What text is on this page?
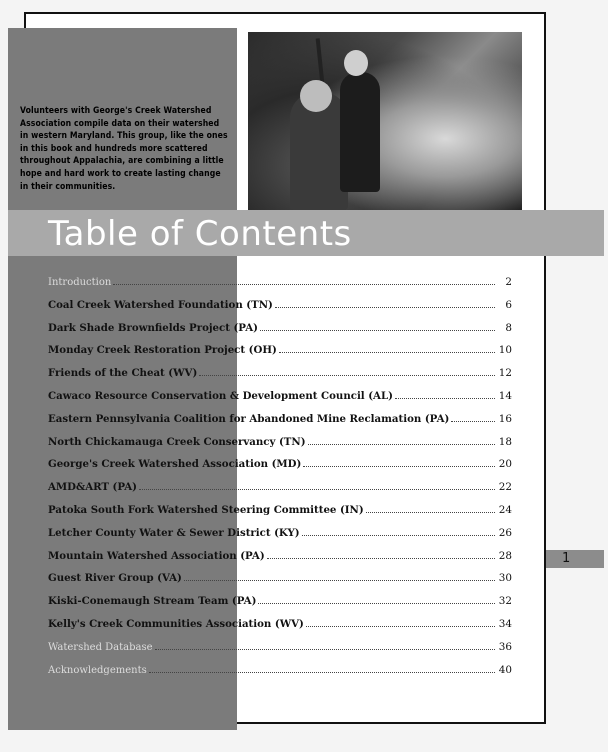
Volunteers with George's Creek Watershed Association compile data on their watershed in western Maryland. This group, like the ones in this book and hundreds more scattered throughout Appalachia, are combining a little hope and hard work to create lasting change in their communities.
Table of Contents
Introduction	2
Coal Creek Watershed Foundation (TN)	6
Dark Shade Brownfields Project (PA)	8
Monday Creek Restoration Project (OH)	10
Friends of the Cheat (WV)	12
Cawaco Resource Conservation & Development Council (AL)	14
Eastern Pennsylvania Coalition for Abandoned Mine Reclamation (PA)	16
North Chickamauga Creek Conservancy (TN)	18
George's Creek Watershed Association (MD)	20
AMD&ART (PA)	22
Patoka South Fork Watershed Steering Committee (IN)	24
Letcher County Water & Sewer District (KY)	26
Mountain Watershed Association (PA)	28
Guest River Group (VA)	30
Kiski-Conemaugh Stream Team (PA)	32
Kelly's Creek Communities Association (WV)	34
Watershed Database	36
Acknowledgements	40
1
